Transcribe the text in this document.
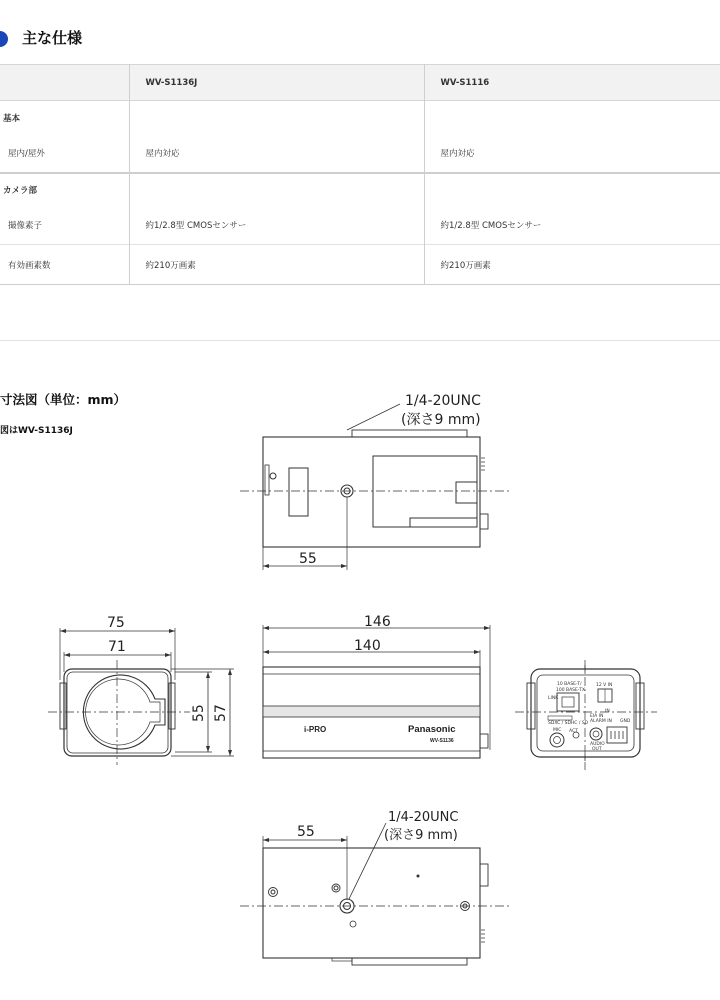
主な仕様
	WV-S1136J	WV-S1116
基本		
屋内/屋外	屋内対応	屋内対応
カメラ部		
撮像素子	約1/2.8型 CMOSセンサー	約1/2.8型 CMOSセンサー
有効画素数	約210万画素	約210万画素
寸法図（単位：mm）
図はWV-S1136J
55
1/4-20UNC
(深さ9 mm)
75
71
55 57
146
140
i-PRO	Panasonic
WV-S1136
10 BASE-T/
100 BASE-TX
LINK
ACT
SDXC / SDHC / SD
MIC
AUDIO
OUT
12 V IN
IN
EIA IN
ALARM IN GND
55
1/4-20UNC
(深さ9 mm)
